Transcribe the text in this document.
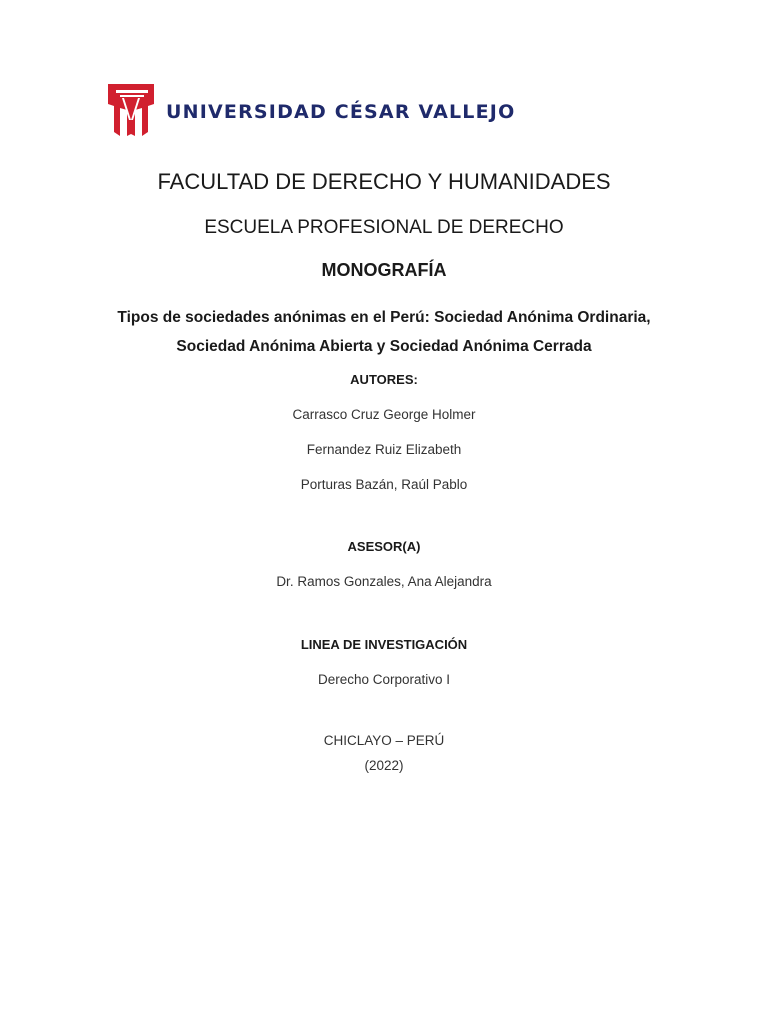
UNIVERSIDAD CÉSAR VALLEJO
FACULTAD DE DERECHO Y HUMANIDADES
ESCUELA PROFESIONAL DE DERECHO
MONOGRAFÍA
Tipos de sociedades anónimas en el Perú: Sociedad Anónima Ordinaria, Sociedad Anónima Abierta y Sociedad Anónima Cerrada
AUTORES:
Carrasco Cruz George Holmer
Fernandez Ruiz Elizabeth
Porturas Bazán, Raúl Pablo
ASESOR(A)
Dr. Ramos Gonzales, Ana Alejandra
LINEA DE INVESTIGACIÓN
Derecho Corporativo I
CHICLAYO – PERÚ
(2022)
